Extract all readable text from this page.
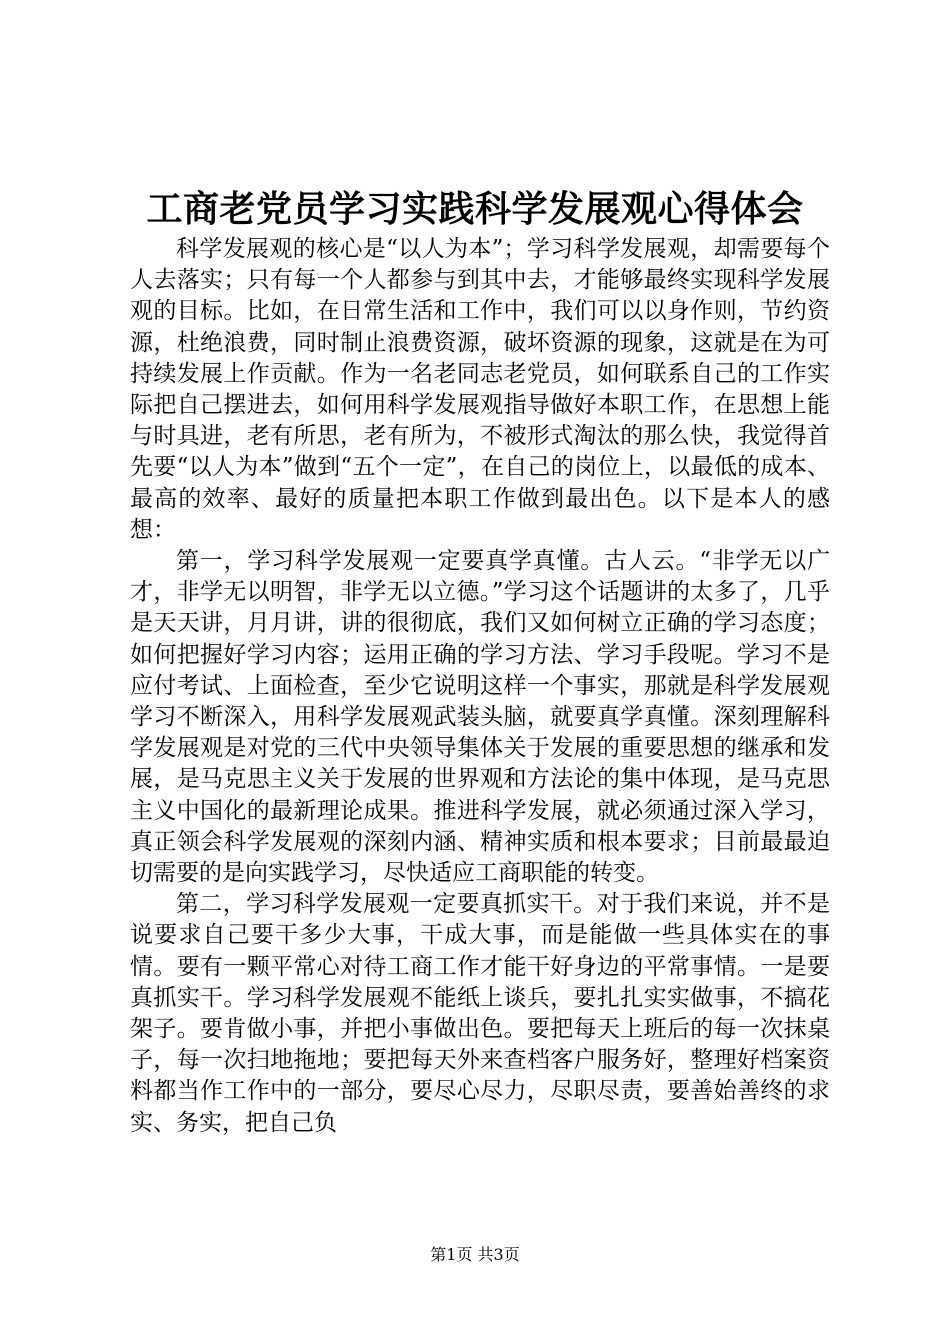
工商老党员学习实践科学发展观心得体会

科学发展观的核心是“以人为本”；学习科学发展观，却需要每个人去落实；只有每一个人都参与到其中去，才能够最终实现科学发展观的目标。比如，在日常生活和工作中，我们可以以身作则，节约资源，杜绝浪费，同时制止浪费资源，破坏资源的现象，这就是在为可持续发展上作贡献。作为一名老同志老党员，如何联系自己的工作实际把自己摆进去，如何用科学发展观指导做好本职工作，在思想上能与时具进，老有所思，老有所为，不被形式淘汰的那么快，我觉得首先要“以人为本”做到“五个一定”，在自己的岗位上，以最低的成本、最高的效率、最好的质量把本职工作做到最出色。以下是本人的感想：

第一，学习科学发展观一定要真学真懂。古人云。“非学无以广才，非学无以明智，非学无以立德。”学习这个话题讲的太多了，几乎是天天讲，月月讲，讲的很彻底，我们又如何树立正确的学习态度；如何把握好学习内容；运用正确的学习方法、学习手段呢。学习不是应付考试、上面检查，至少它说明这样一个事实，那就是科学发展观学习不断深入，用科学发展观武装头脑，就要真学真懂。深刻理解科学发展观是对党的三代中央领导集体关于发展的重要思想的继承和发展，是马克思主义关于发展的世界观和方法论的集中体现，是马克思主义中国化的最新理论成果。推进科学发展，就必须通过深入学习，真正领会科学发展观的深刻内涵、精神实质和根本要求；目前最最迫切需要的是向实践学习，尽快适应工商职能的转变。

第二，学习科学发展观一定要真抓实干。对于我们来说，并不是说要求自己要干多少大事，干成大事，而是能做一些具体实在的事情。要有一颗平常心对待工商工作才能干好身边的平常事情。一是要真抓实干。学习科学发展观不能纸上谈兵，要扎扎实实做事，不搞花架子。要肯做小事，并把小事做出色。要把每天上班后的每一次抹桌子，每一次扫地拖地；要把每天外来查档客户服务好，整理好档案资料都当作工作中的一部分，要尽心尽力，尽职尽责，要善始善终的求实、务实，把自己负

第1页 共3页
